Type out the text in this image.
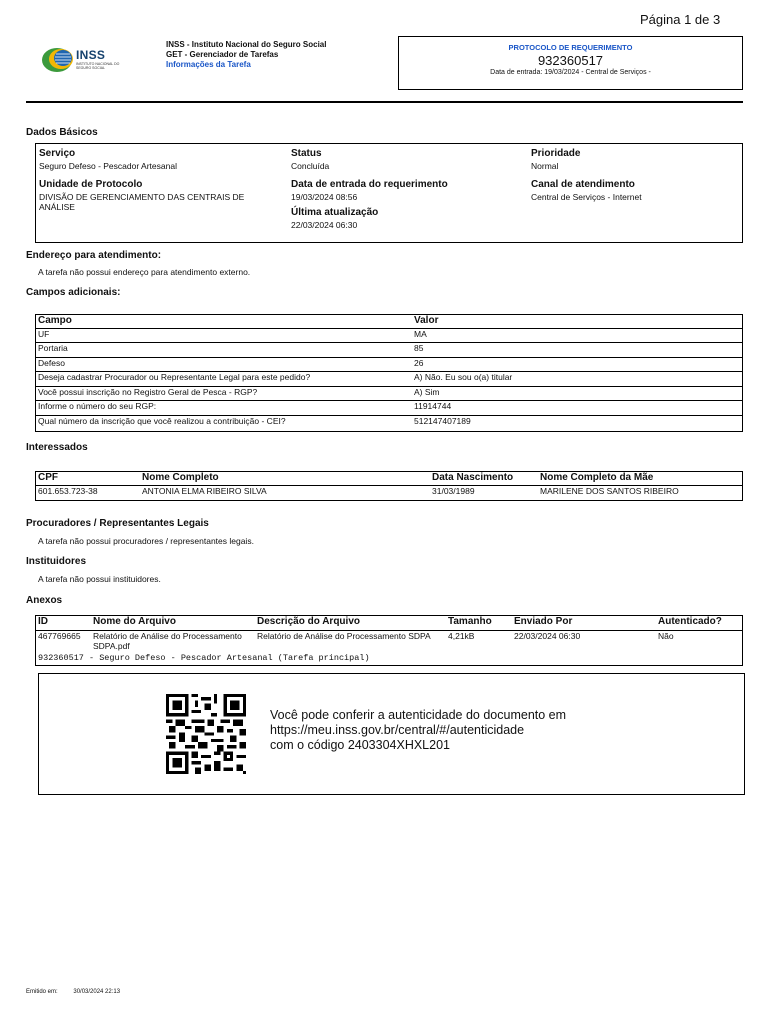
Página 1 de 3
INSS
INSTITUTO NACIONAL DO SEGURO SOCIAL
INSS - Instituto Nacional do Seguro Social
GET - Gerenciador de Tarefas
Informações da Tarefa
PROTOCOLO DE REQUERIMENTO
932360517
Data de entrada: 19/03/2024 - Central de Serviços -
Dados Básicos
Serviço
Seguro Defeso - Pescador Artesanal
Status
Concluída
Prioridade
Normal
Unidade de Protocolo
DIVISÃO DE GERENCIAMENTO DAS CENTRAIS DE ANÁLISE
Data de entrada do requerimento
19/03/2024 08:56
Canal de atendimento
Central de Serviços - Internet
Última atualização
22/03/2024 06:30
Endereço para atendimento:
A tarefa não possui endereço para atendimento externo.
Campos adicionais:
Campo	Valor
UF	MA
Portaria	85
Defeso	26
Deseja cadastrar Procurador ou Representante Legal para este pedido?	A) Não. Eu sou o(a) titular
Você possui inscrição no Registro Geral de Pesca - RGP?	A) Sim
Informe o número do seu RGP:	11914744
Qual número da inscrição que você realizou a contribuição - CEI?	512147407189
Interessados
CPF	Nome Completo	Data Nascimento	Nome Completo da Mãe
601.653.723-38	ANTONIA ELMA RIBEIRO SILVA	31/03/1989	MARILENE DOS SANTOS RIBEIRO
Procuradores / Representantes Legais
A tarefa não possui procuradores / representantes legais.
Instituidores
A tarefa não possui instituidores.
Anexos
ID	Nome do Arquivo	Descrição do Arquivo	Tamanho	Enviado Por	Autenticado?
467769665	Relatório de Análise do Processamento SDPA.pdf	Relatório de Análise do Processamento SDPA	4,21kB	22/03/2024 06:30	Não
932360517 - Seguro Defeso - Pescador Artesanal (Tarefa principal)
Você pode conferir a autenticidade do documento em
https://meu.inss.gov.br/central/#/autenticidade
com o código 2403304XHXL201
Emitido em:	30/03/2024 22:13
